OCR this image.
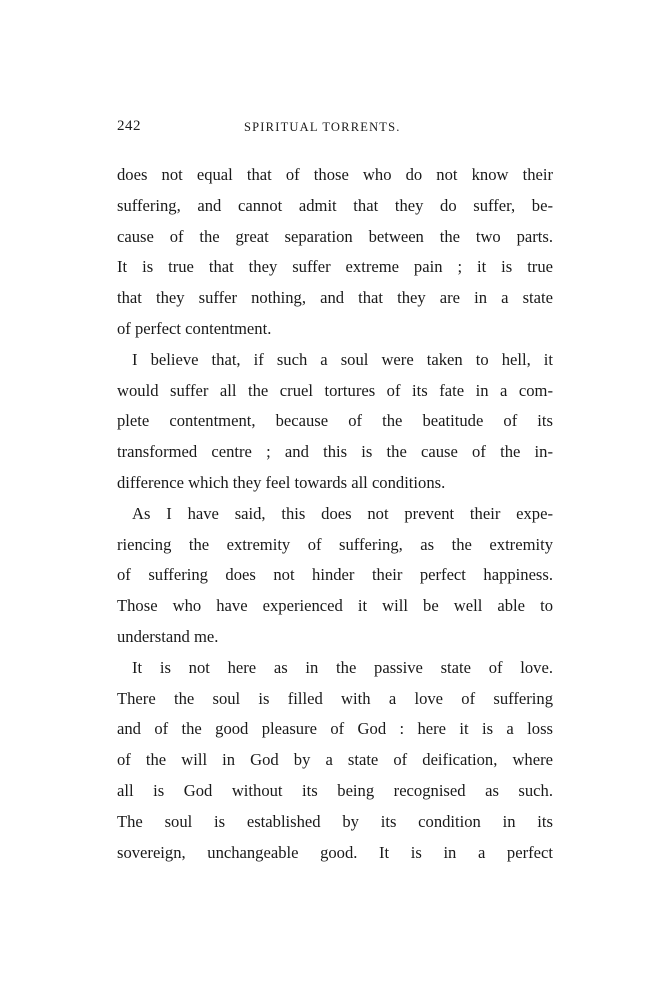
242	SPIRITUAL TORRENTS.
does not equal that of those who do not know their
suffering, and cannot admit that they do suffer, be-
cause of the great separation between the two parts.
It is true that they suffer extreme pain ; it is true
that they suffer nothing, and that they are in a state
of perfect contentment.
I believe that, if such a soul were taken to hell, it
would suffer all the cruel tortures of its fate in a com-
plete contentment, because of the beatitude of its
transformed centre ; and this is the cause of the in-
difference which they feel towards all conditions.
As I have said, this does not prevent their expe-
riencing the extremity of suffering, as the extremity
of suffering does not hinder their perfect happiness.
Those who have experienced it will be well able to
understand me.
It is not here as in the passive state of love.
There the soul is filled with a love of suffering
and of the good pleasure of God : here it is a loss
of the will in God by a state of deification, where
all is God without its being recognised as such.
The soul is established by its condition in its
sovereign, unchangeable good. It is in a perfect
